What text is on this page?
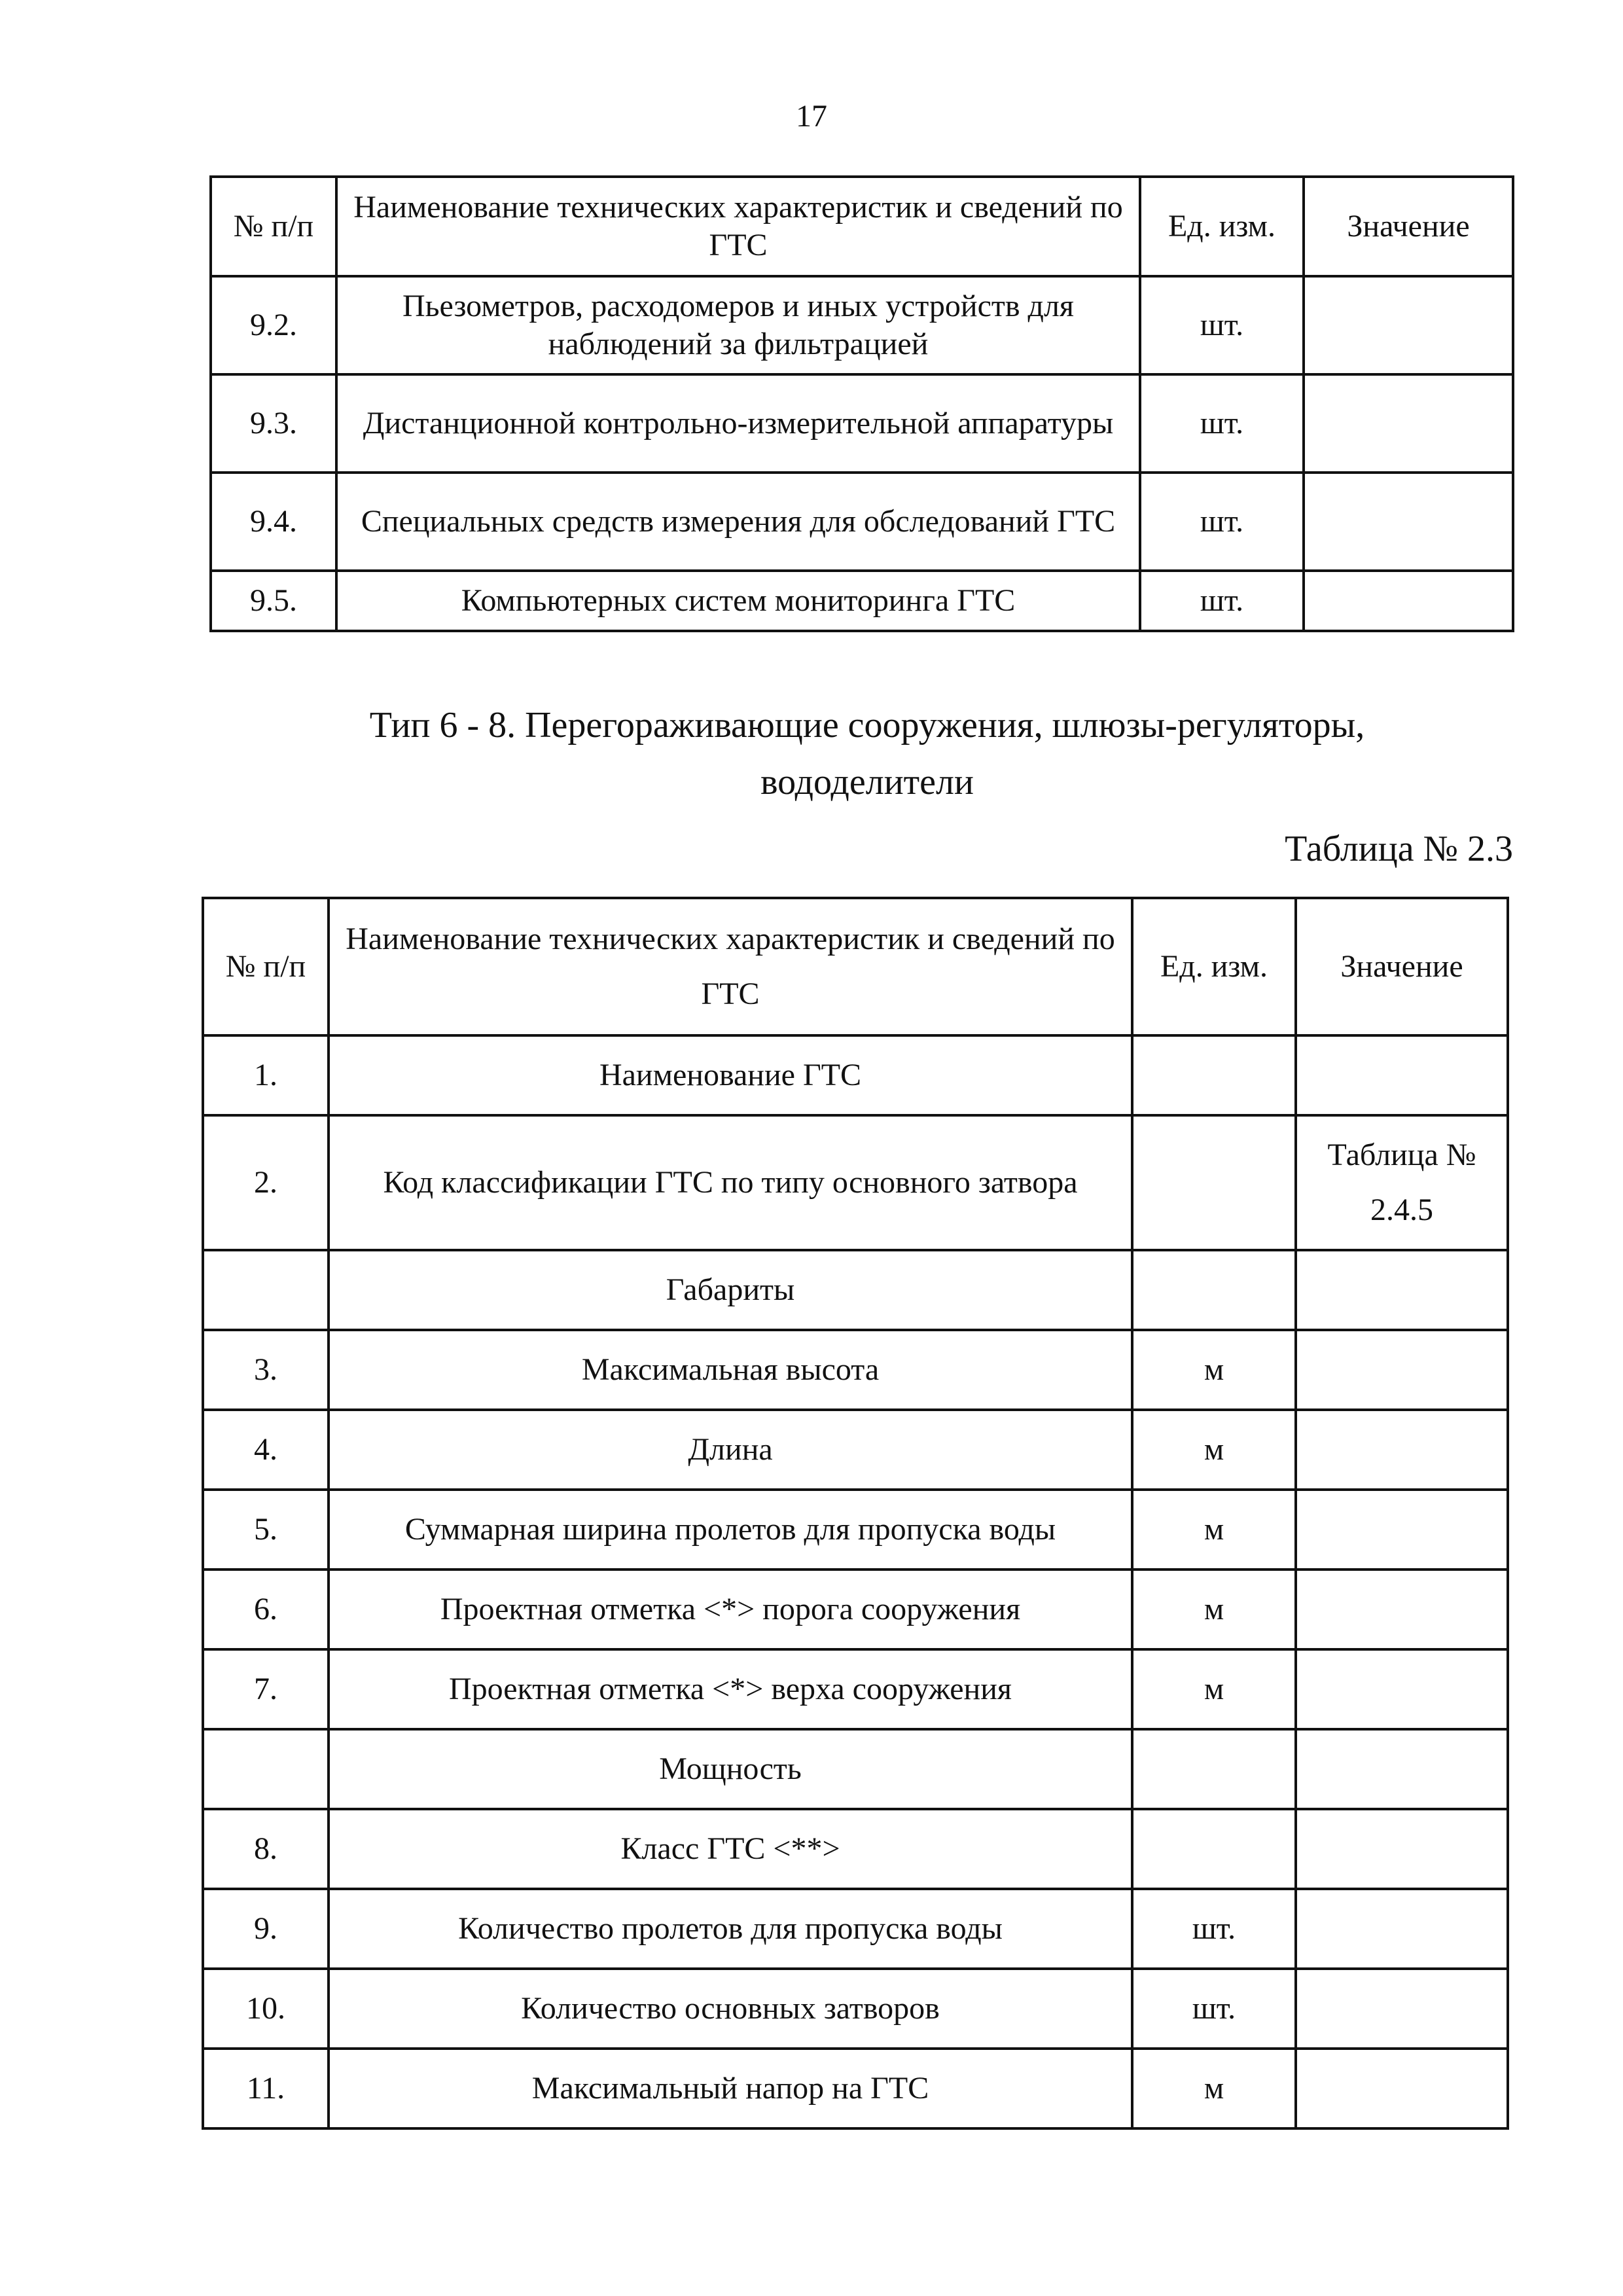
17
№ п/п	Наименование технических характеристик и сведений по ГТС	Ед. изм.	Значение
9.2.	Пьезометров, расходомеров и иных устройств для наблюдений за фильтрацией	шт.	
9.3.	Дистанционной контрольно-измерительной аппаратуры	шт.	
9.4.	Специальных средств измерения для обследований ГТС	шт.	
9.5.	Компьютерных систем мониторинга ГТС	шт.	
Тип 6 - 8. Перегораживающие сооружения, шлюзы-регуляторы, вододелители
Таблица № 2.3
№ п/п	Наименование технических характеристик и сведений по ГТС	Ед. изм.	Значение
1.	Наименование ГТС		
2.	Код классификации ГТС по типу основного затвора		Таблица № 2.4.5
	Габариты		
3.	Максимальная высота	м	
4.	Длина	м	
5.	Суммарная ширина пролетов для пропуска воды	м	
6.	Проектная отметка <*> порога сооружения	м	
7.	Проектная отметка <*> верха сооружения	м	
	Мощность		
8.	Класс ГТС <**>		
9.	Количество пролетов для пропуска воды	шт.	
10.	Количество основных затворов	шт.	
11.	Максимальный напор на ГТС	м	
